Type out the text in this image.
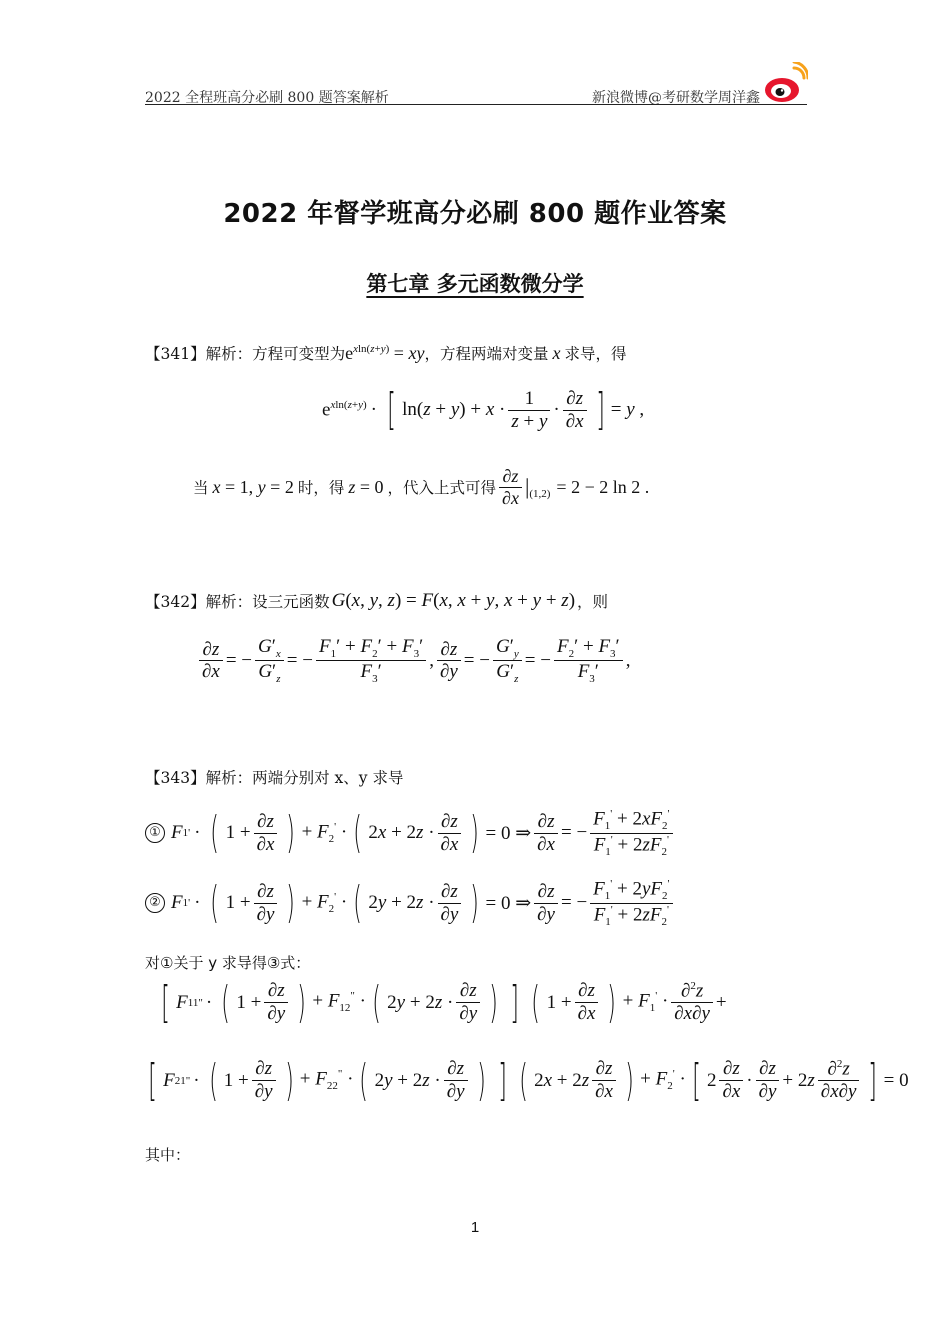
2022 全程班高分必刷 800 题答案解析	新浪微博@考研数学周洋鑫
2022 年督学班高分必刷 800 题作业答案
第七章 多元函数微分学
【341】 解析：方程可变型为 $e^{xln(z+y)}$ = xy ，方程两端对变量 x 求导，得
$e^{xln(z+y)}$ · [ $\ln(z + y) + x \cdot \frac{1}{z + y} \cdot \frac{\partial z}{\partial x}$ ] = y ,
当 x = 1, y = 2 时，得 z = 0 ，代入上式可得 $\frac{\partial z}{\partial x} |_{(1,2)} = 2 - 2$ ln 2 .
【342】 解析：设三元函数 G(x, y, z) = F(x, x + y, x + y + z) ，则
$\frac{\partial z}{\partial x}$ = − $\frac{G'_x}{G'_z}$ = − $\frac{F_1' + F_2' + F_3'}{F_3'}$ , $\frac{\partial z}{\partial y}$ = − $\frac{G'_y}{G'_z}$ = − $\frac{F_2' + F_3'}{F_3'}$ ,
【343】 解析：两端分别对 x、y 求导
① F 1 ' · ( $1 + \frac{\partial z}{\partial x}$ ) + $F_2'$ · ( $2x + 2z \cdot \frac{\partial z}{\partial x}$ ) = 0 ⇒ $\frac{\partial z}{\partial x}$ = − $\frac{F_1' + 2xF_2'}{F_1' + 2zF_2'}$
② F 1 ' · ( $1 + \frac{\partial z}{\partial y}$ ) + $F_2'$ · ( $2y + 2z \cdot \frac{\partial z}{\partial y}$ ) = 0 ⇒ $\frac{\partial z}{\partial y}$ = − $\frac{F_1' + 2yF_2'}{F_1' + 2zF_2'}$
对①关于 y 求导得③式：
[ F 11 " · ( $1 + \frac{\partial z}{\partial y}$ ) + $F_{12}^"$ · ( $2y + 2z \cdot \frac{\partial z}{\partial y}$ ) ] ( $1 + \frac{\partial z}{\partial x}$ ) + $F_1' \cdot \frac{\partial^2z}{\partial x\partial y}$ +
[ F 21 " · ( $1 + \frac{\partial z}{\partial y}$ ) + $F_{22}^"$ · ( $2y + 2z \cdot \frac{\partial z}{\partial y}$ ) ] ( $2x + 2z \frac{\partial z}{\partial x}$ ) + $F_2'$ · [ $2 \frac{\partial z}{\partial x} \cdot \frac{\partial z}{\partial y} + 2z \frac{\partial^2z}{\partial x\partial y}$ ] = 0
其中：
1
